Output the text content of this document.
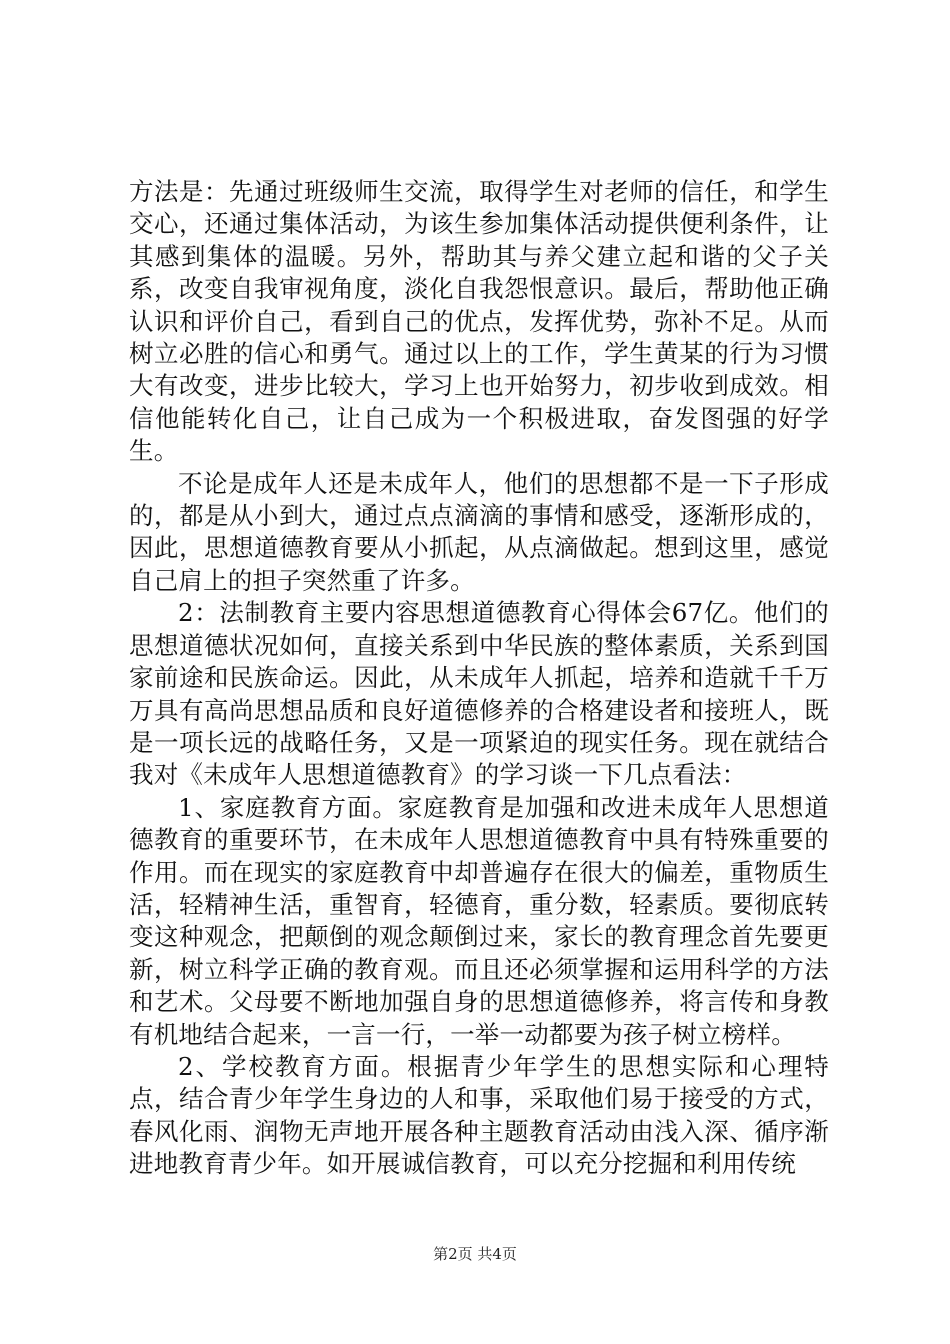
方法是：先通过班级师生交流，取得学生对老师的信任，和学生交心，还通过集体活动，为该生参加集体活动提供便利条件，让其感到集体的温暖。另外，帮助其与养父建立起和谐的父子关系，改变自我审视角度，淡化自我怨恨意识。最后，帮助他正确认识和评价自己，看到自己的优点，发挥优势，弥补不足。从而树立必胜的信心和勇气。通过以上的工作，学生黄某的行为习惯大有改变，进步比较大，学习上也开始努力，初步收到成效。相信他能转化自己，让自己成为一个积极进取，奋发图强的好学生。

不论是成年人还是未成年人，他们的思想都不是一下子形成的，都是从小到大，通过点点滴滴的事情和感受，逐渐形成的，因此，思想道德教育要从小抓起，从点滴做起。想到这里，感觉自己肩上的担子突然重了许多。

2：法制教育主要内容思想道德教育心得体会67亿。他们的思想道德状况如何，直接关系到中华民族的整体素质，关系到国家前途和民族命运。因此，从未成年人抓起，培养和造就千千万万具有高尚思想品质和良好道德修养的合格建设者和接班人，既是一项长远的战略任务，又是一项紧迫的现实任务。现在就结合我对《未成年人思想道德教育》的学习谈一下几点看法：

1、家庭教育方面。家庭教育是加强和改进未成年人思想道德教育的重要环节，在未成年人思想道德教育中具有特殊重要的作用。而在现实的家庭教育中却普遍存在很大的偏差，重物质生活，轻精神生活，重智育，轻德育，重分数，轻素质。要彻底转变这种观念，把颠倒的观念颠倒过来，家长的教育理念首先要更新，树立科学正确的教育观。而且还必须掌握和运用科学的方法和艺术。父母要不断地加强自身的思想道德修养，将言传和身教有机地结合起来，一言一行，一举一动都要为孩子树立榜样。

2、学校教育方面。根据青少年学生的思想实际和心理特点，结合青少年学生身边的人和事，采取他们易于接受的方式，春风化雨、润物无声地开展各种主题教育活动由浅入深、循序渐进地教育青少年。如开展诚信教育，可以充分挖掘和利用传统

第2页 共4页
